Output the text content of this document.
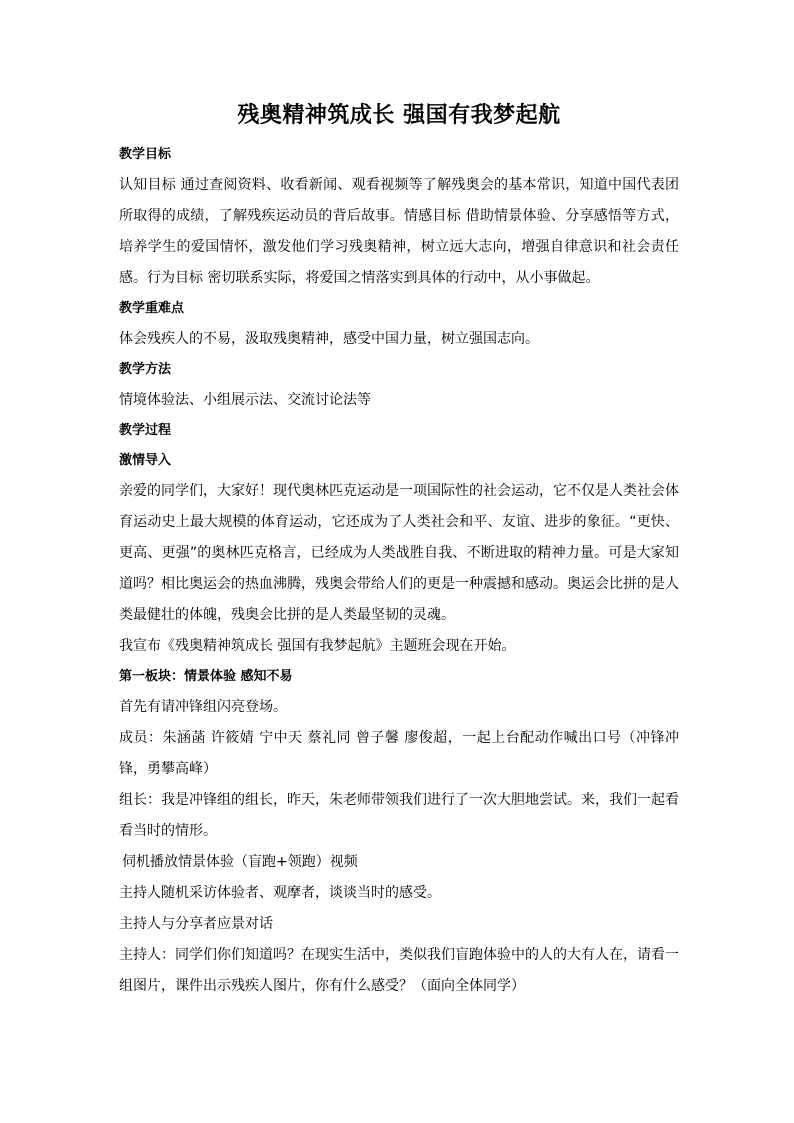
残奥精神筑成长 强国有我梦起航
教学目标

认知目标 通过查阅资料、收看新闻、观看视频等了解残奥会的基本常识，知道中国代表团所取得的成绩，了解残疾运动员的背后故事。情感目标 借助情景体验、分享感悟等方式，培养学生的爱国情怀，激发他们学习残奥精神，树立远大志向，增强自律意识和社会责任感。行为目标 密切联系实际，将爱国之情落实到具体的行动中，从小事做起。

教学重难点

体会残疾人的不易，汲取残奥精神，感受中国力量，树立强国志向。

教学方法

情境体验法、小组展示法、交流讨论法等

教学过程
激情导入

亲爱的同学们，大家好！现代奥林匹克运动是一项国际性的社会运动，它不仅是人类社会体育运动史上最大规模的体育运动，它还成为了人类社会和平、友谊、进步的象征。“更快、更高、更强”的奥林匹克格言，已经成为人类战胜自我、不断进取的精神力量。可是大家知道吗？相比奥运会的热血沸腾，残奥会带给人们的更是一种震撼和感动。奥运会比拼的是人类最健壮的体魄，残奥会比拼的是人类最坚韧的灵魂。

我宣布《残奥精神筑成长 强国有我梦起航》主题班会现在开始。

第一板块：情景体验 感知不易

首先有请冲锋组闪亮登场。

成员：朱涵菡 许筱婧 宁中天 蔡礼同 曾子馨 廖俊超，一起上台配动作喊出口号（冲锋冲锋，勇攀高峰）

组长：我是冲锋组的组长，昨天，朱老师带领我们进行了一次大胆地尝试。来，我们一起看看当时的情形。

伺机播放情景体验（盲跑+领跑）视频

主持人随机采访体验者、观摩者，谈谈当时的感受。

主持人与分享者应景对话

主持人：同学们你们知道吗？在现实生活中，类似我们盲跑体验中的人的大有人在，请看一组图片，课件出示残疾人图片，你有什么感受？（面向全体同学）
